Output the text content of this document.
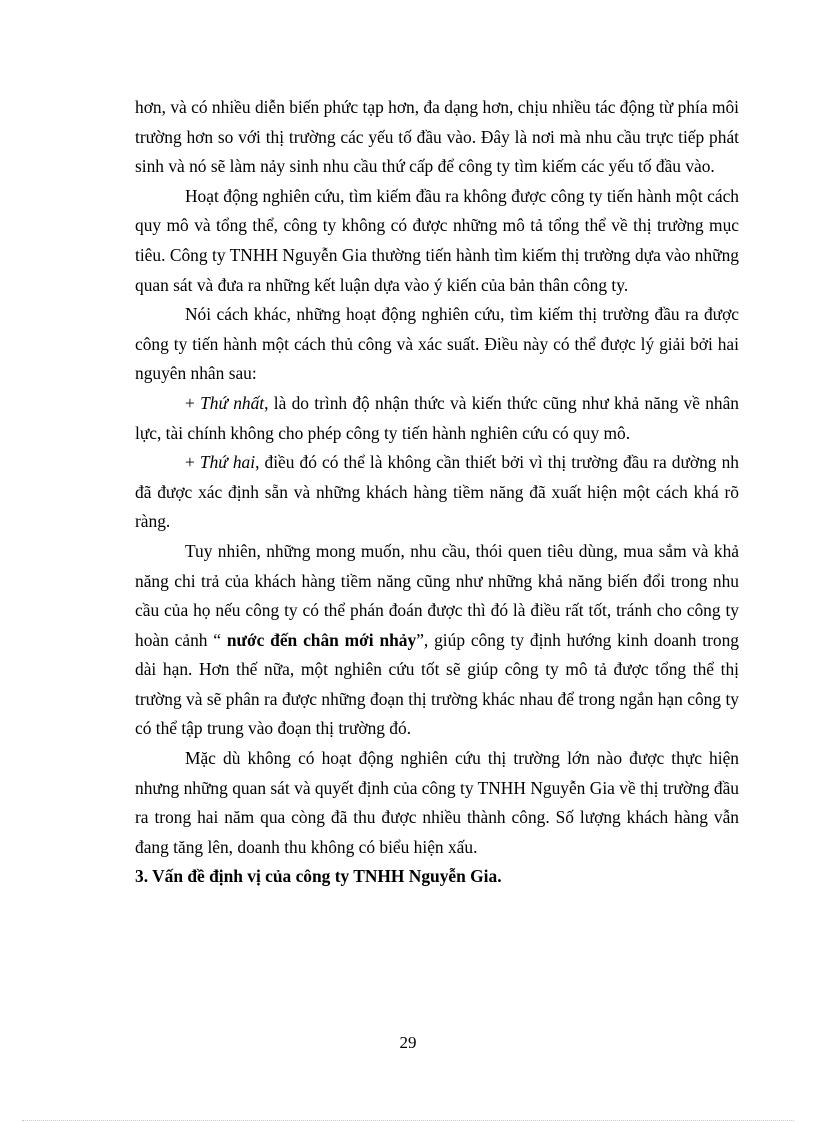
hơn, và có nhiều diễn biến phức tạp hơn, đa dạng hơn, chịu nhiều tác động từ phía môi trường hơn so với thị trường các yếu tố đầu vào. Đây là nơi mà nhu cầu trực tiếp phát sinh và nó sẽ làm nảy sinh nhu cầu thứ cấp để công ty tìm kiếm các yếu tố đầu vào.

Hoạt động nghiên cứu, tìm kiếm đầu ra không được công ty tiến hành một cách quy mô và tổng thể, công ty không có được những mô tả tổng thể về thị trường mục tiêu. Công ty TNHH Nguyễn Gia thường tiến hành tìm kiếm thị trường dựa vào những quan sát và đưa ra những kết luận dựa vào ý kiến của bản thân công ty.

Nói cách khác, những hoạt động nghiên cứu, tìm kiếm thị trường đầu ra được công ty tiến hành một cách thủ công và xác suất. Điều này có thể được lý giải bởi hai nguyên nhân sau:

+ Thứ nhất, là do trình độ nhận thức và kiến thức cũng như khả năng về nhân lực, tài chính không cho phép công ty tiến hành nghiên cứu có quy mô.

+ Thứ hai, điều đó có thể là không cần thiết bởi vì thị trường đầu ra dường nh đã được xác định sẵn và những khách hàng tiềm năng đã xuất hiện một cách khá rõ ràng.

Tuy nhiên, những mong muốn, nhu cầu, thói quen tiêu dùng, mua sắm và khả năng chi trả của khách hàng tiềm năng cũng như những khả năng biến đổi trong nhu cầu của họ nếu công ty có thể phán đoán được thì đó là điều rất tốt, tránh cho công ty hoàn cảnh “ nước đến chân mới nhảy”, giúp công ty định hướng kinh doanh trong dài hạn. Hơn thế nữa, một nghiên cứu tốt sẽ giúp công ty mô tả được tổng thể thị trường và sẽ phân ra được những đoạn thị trường khác nhau để trong ngắn hạn công ty có thể tập trung vào đoạn thị trường đó.

Mặc dù không có hoạt động nghiên cứu thị trường lớn nào được thực hiện nhưng những quan sát và quyết định của công ty TNHH Nguyễn Gia về thị trường đầu ra trong hai năm qua còng đã thu được nhiều thành công. Số lượng khách hàng vẫn đang tăng lên, doanh thu không có biểu hiện xấu.

3. Vấn đề định vị của công ty TNHH Nguyễn Gia.

29
